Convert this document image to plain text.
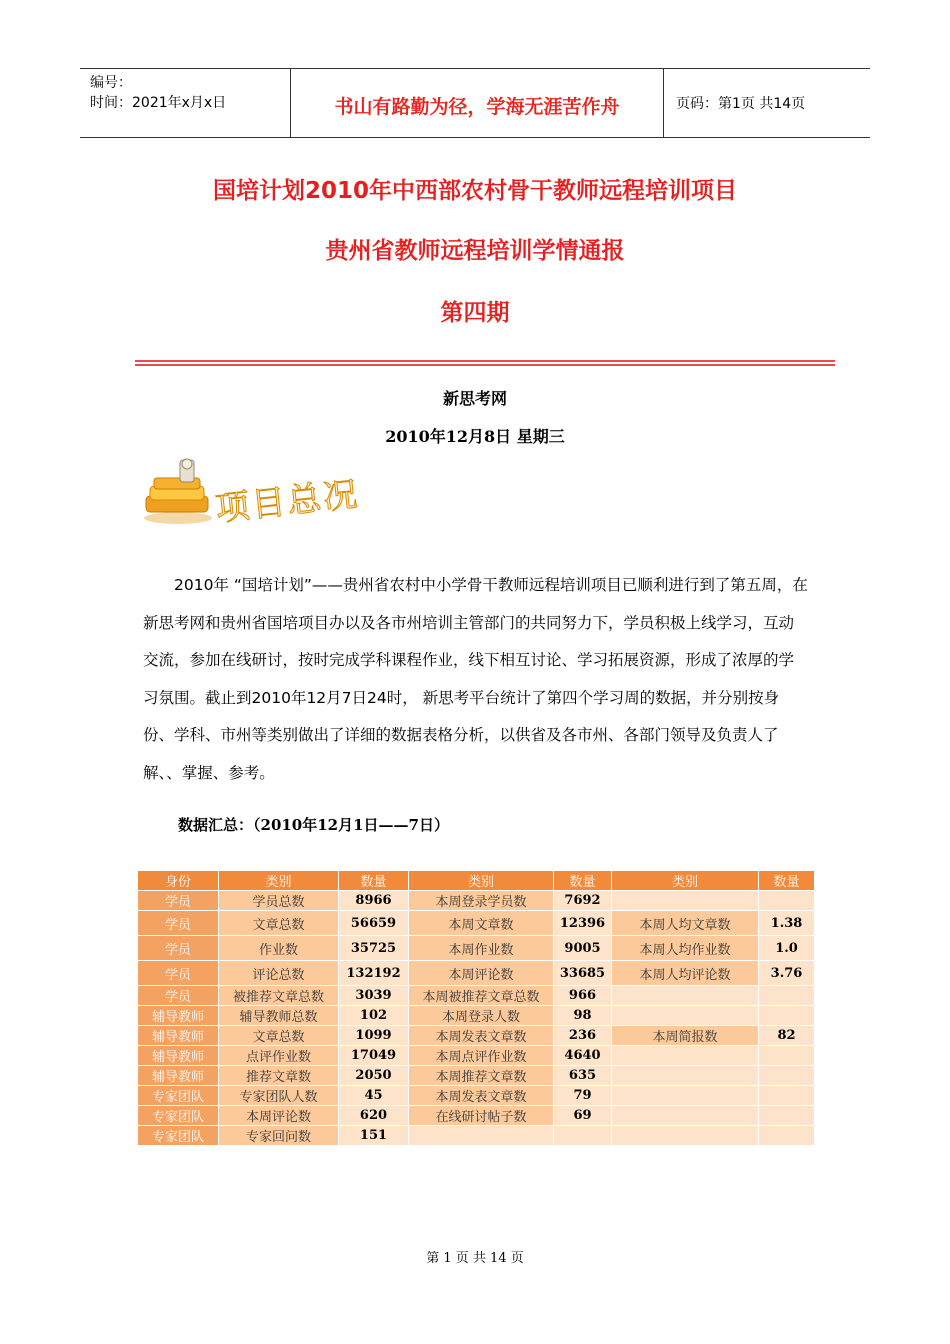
编号：
时间：2021年x月x日	书山有路勤为径，学海无涯苦作舟	页码：第1页 共14页
国培计划2010年中西部农村骨干教师远程培训项目
贵州省教师远程培训学情通报
第四期
新思考网
2010年12月8日 星期三
项目总况

2010年 “国培计划”——贵州省农村中小学骨干教师远程培训项目已顺利进行到了第五周，在新思考网和贵州省国培项目办以及各市州培训主管部门的共同努力下，学员积极上线学习，互动交流，参加在线研讨，按时完成学科课程作业，线下相互讨论、学习拓展资源，形成了浓厚的学习氛围。截止到2010年12月7日24时， 新思考平台统计了第四个学习周的数据，并分别按身份、学科、市州等类别做出了详细的数据表格分析，以供省及各市州、各部门领导及负责人了解、、掌握、参考。

数据汇总：（2010年12月1日——7日）
身份	类别	数量	类别	数量	类别	数量
学员	学员总数	8966	本周登录学员数	7692		
学员	文章总数	56659	本周文章数	12396	本周人均文章数	1.38
学员	作业数	35725	本周作业数	9005	本周人均作业数	1.0
学员	评论总数	132192	本周评论数	33685	本周人均评论数	3.76
学员	被推荐文章总数	3039	本周被推荐文章总数	966		
辅导教师	辅导教师总数	102	本周登录人数	98		
辅导教师	文章总数	1099	本周发表文章数	236	本周简报数	82
辅导教师	点评作业数	17049	本周点评作业数	4640		
辅导教师	推荐文章数	2050	本周推荐文章数	635		
专家团队	专家团队人数	45	本周发表文章数	79		
专家团队	本周评论数	620	在线研讨帖子数	69		
专家团队	专家回问数	151				
第 1 页 共 14 页
